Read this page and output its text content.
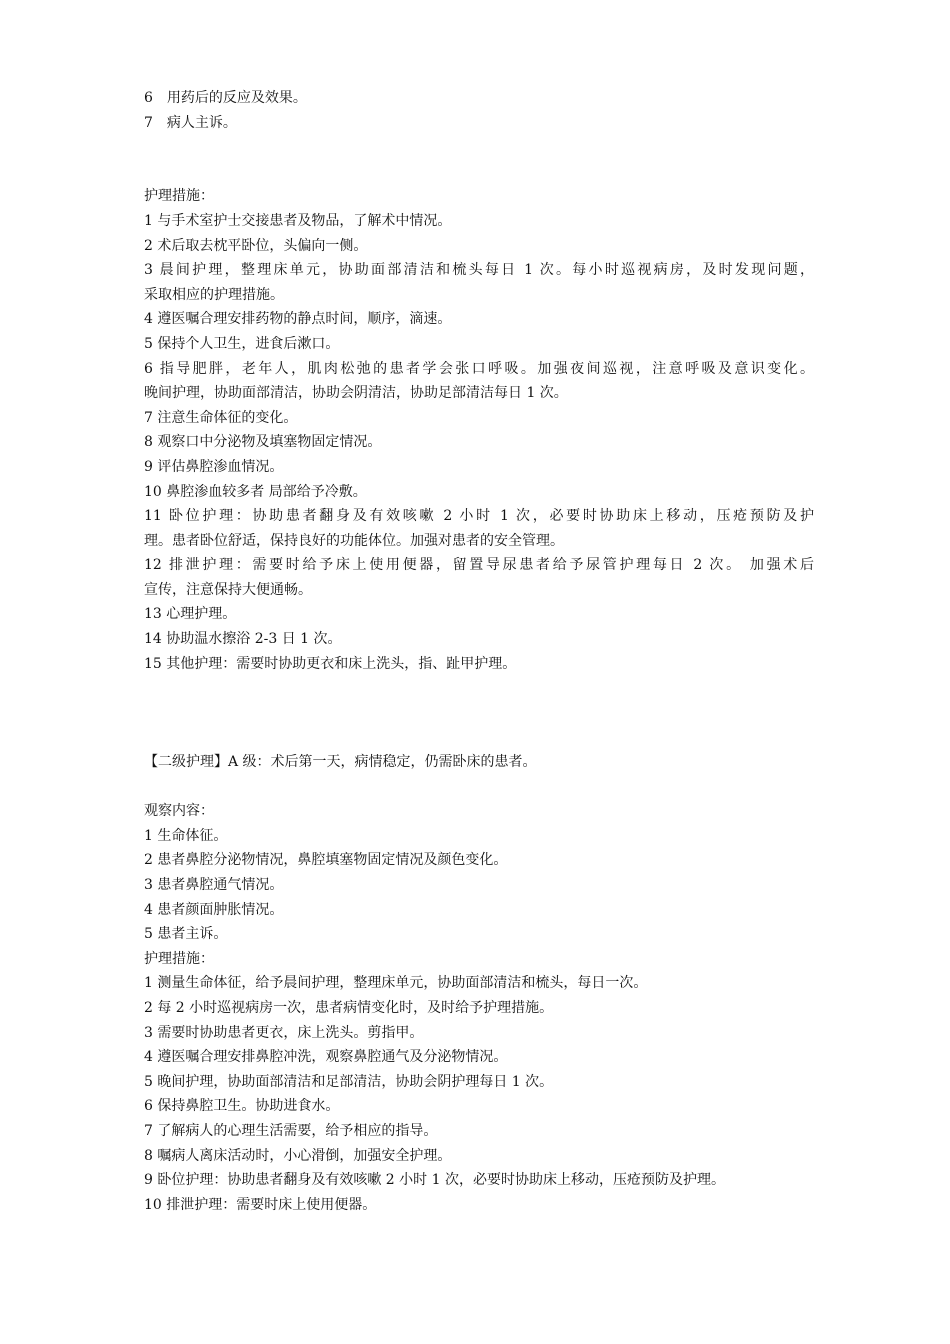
6　用药后的反应及效果。
7　病人主诉。
护理措施：
1 与手术室护士交接患者及物品，了解术中情况。
2 术后取去枕平卧位，头偏向一侧。
3 晨间护理，整理床单元，协助面部清洁和梳头每日 1 次。每小时巡视病房，及时发现问题，
采取相应的护理措施。
4 遵医嘱合理安排药物的静点时间，顺序，滴速。
5 保持个人卫生，进食后漱口。
6 指导肥胖，老年人，肌肉松弛的患者学会张口呼吸。加强夜间巡视，注意呼吸及意识变化。
晚间护理，协助面部清洁，协助会阴清洁，协助足部清洁每日 1 次。
7 注意生命体征的变化。
8 观察口中分泌物及填塞物固定情况。
9 评估鼻腔渗血情况。
10 鼻腔渗血较多者 局部给予冷敷。
11 卧位护理：协助患者翻身及有效咳嗽 2 小时 1 次，必要时协助床上移动，压疮预防及护
理。患者卧位舒适，保持良好的功能体位。加强对患者的安全管理。
12 排泄护理：需要时给予床上使用便器，留置导尿患者给予尿管护理每日 2 次。 加强术后
宣传，注意保持大便通畅。
13 心理护理。
14 协助温水擦浴 2-3 日 1 次。
15 其他护理：需要时协助更衣和床上洗头，指、趾甲护理。
【二级护理】A 级：术后第一天，病情稳定，仍需卧床的患者。
观察内容：
1 生命体征。
2 患者鼻腔分泌物情况，鼻腔填塞物固定情况及颜色变化。
3 患者鼻腔通气情况。
4 患者颜面肿胀情况。
5 患者主诉。
护理措施：
1 测量生命体征，给予晨间护理，整理床单元，协助面部清洁和梳头，每日一次。
2 每 2 小时巡视病房一次，患者病情变化时，及时给予护理措施。
3 需要时协助患者更衣，床上洗头。剪指甲。
4 遵医嘱合理安排鼻腔冲洗，观察鼻腔通气及分泌物情况。
5 晚间护理，协助面部清洁和足部清洁，协助会阴护理每日 1 次。
6 保持鼻腔卫生。协助进食水。
7 了解病人的心理生活需要，给予相应的指导。
8 嘱病人离床活动时，小心滑倒，加强安全护理。
9 卧位护理：协助患者翻身及有效咳嗽 2 小时 1 次，必要时协助床上移动，压疮预防及护理。
10 排泄护理：需要时床上使用便器。
